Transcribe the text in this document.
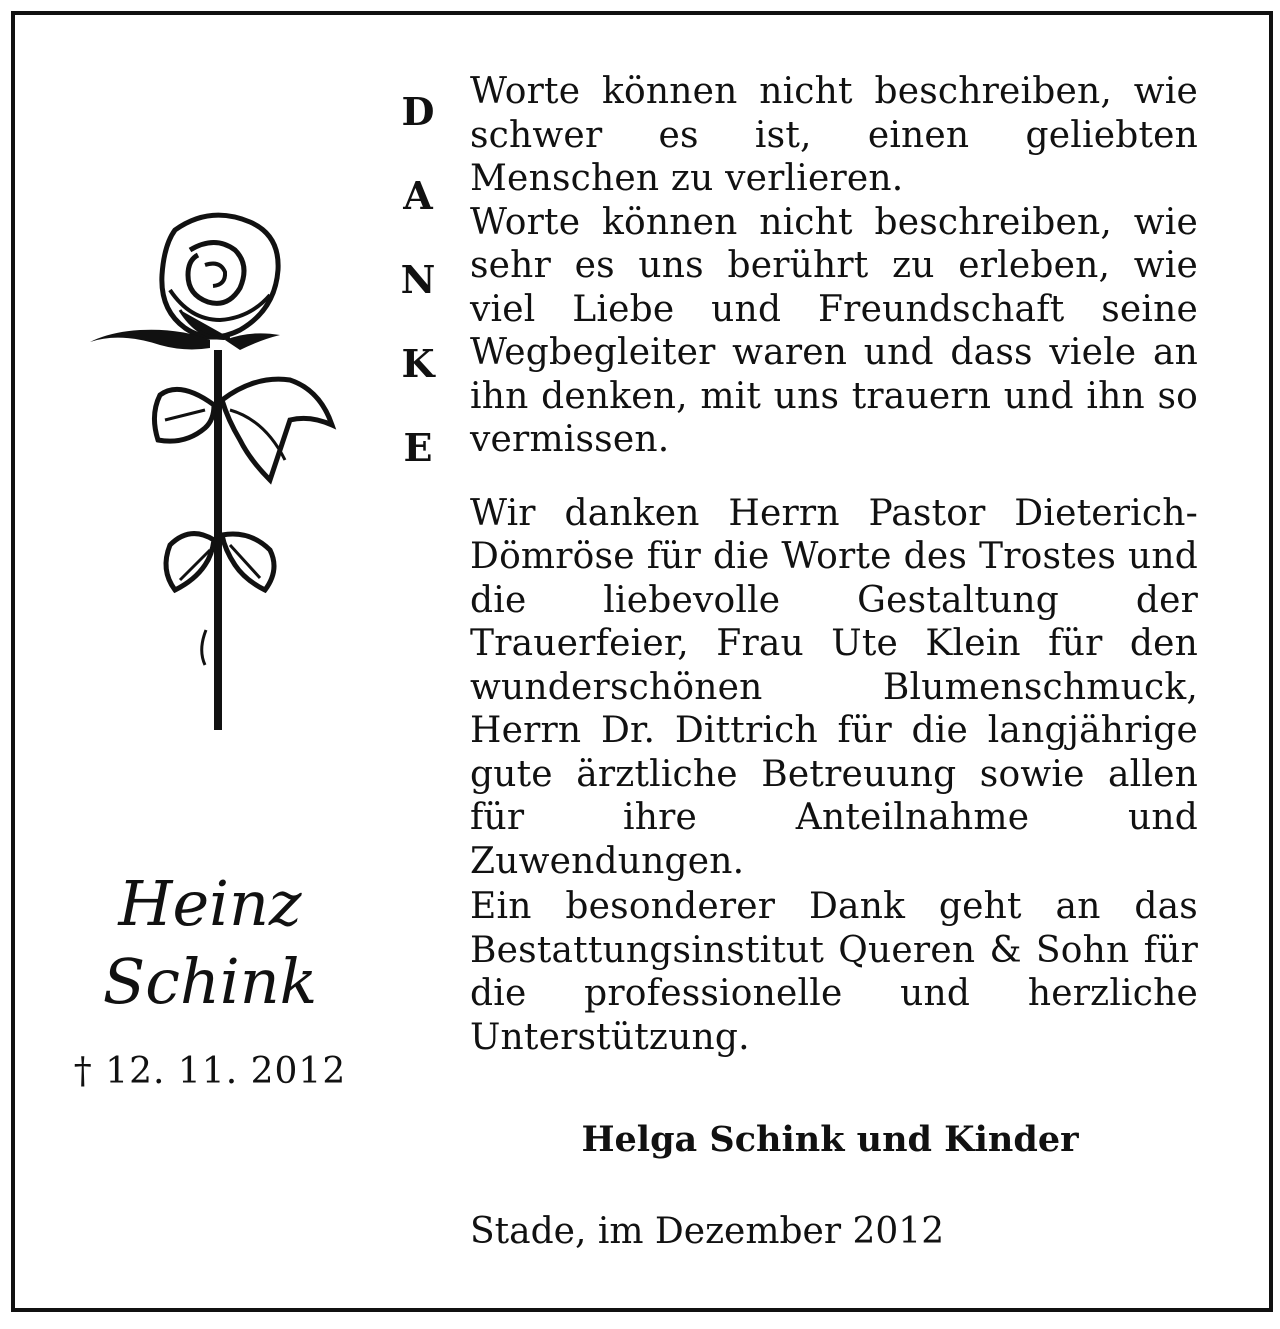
D
A
N
K
E

Worte können nicht beschreiben, wie schwer es ist, einen geliebten Menschen zu verlieren.

Worte können nicht beschreiben, wie sehr es uns berührt zu erleben, wie viel Liebe und Freundschaft seine Wegbegleiter waren und dass viele an ihn denken, mit uns trauern und ihn so vermissen.

Wir danken Herrn Pastor Dieterich-Dömröse für die Worte des Trostes und die liebevolle Gestaltung der Trauerfeier, Frau Ute Klein für den wunderschönen Blumenschmuck, Herrn Dr. Dittrich für die langjährige gute ärztliche Betreuung sowie allen für ihre Anteilnahme und Zuwendungen.

Ein besonderer Dank geht an das Bestattungsinstitut Queren & Sohn für die professionelle und herzliche Unterstützung.

Helga Schink und Kinder
Stade, im Dezember 2012
Heinz
Schink
† 12. 11. 2012
